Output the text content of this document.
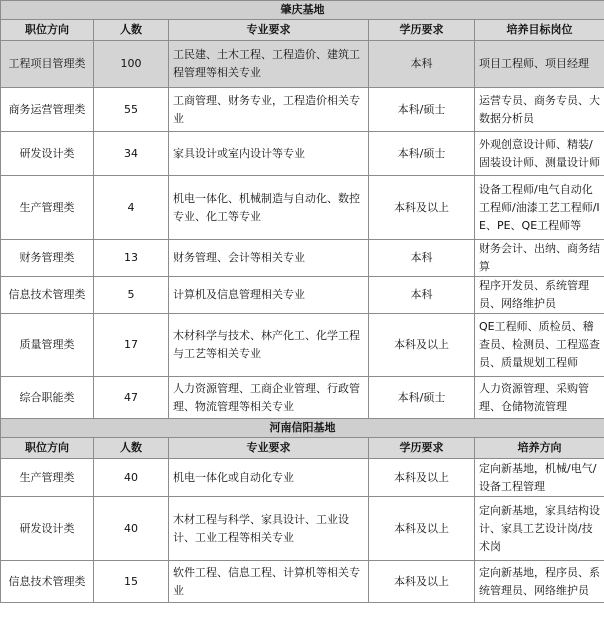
肇庆基地				
职位方向	人数	专业要求	学历要求	培养目标岗位
工程项目管理类	100	工民建、土木工程、工程造价、建筑工程管理等相关专业	本科	项目工程师、项目经理
商务运营管理类	55	工商管理、财务专业，工程造价相关专业	本科/硕士	运营专员、商务专员、大数据分析员
研发设计类	34	家具设计或室内设计等专业	本科/硕士	外观创意设计师、精装/固装设计师、测量设计师
生产管理类	4	机电一体化、机械制造与自动化、数控专业、化工等专业	本科及以上	设备工程师/电气自动化工程师/油漆工艺工程师/IE、PE、QE工程师等
财务管理类	13	财务管理、会计等相关专业	本科	财务会计、出纳、商务结算
信息技术管理类	5	计算机及信息管理相关专业	本科	程序开发员、系统管理员、网络维护员
质量管理类	17	木材科学与技术、林产化工、化学工程与工艺等相关专业	本科及以上	QE工程师、质检员、稽查员、检测员、工程巡查员、质量规划工程师
综合职能类	47	人力资源管理、工商企业管理、行政管理、物流管理等相关专业	本科/硕士	人力资源管理、采购管理、仓储物流管理
河南信阳基地				
职位方向	人数	专业要求	学历要求	培养方向
生产管理类	40	机电一体化或自动化专业	本科及以上	定向新基地，机械/电气/设备工程管理
研发设计类	40	木材工程与科学、家具设计、工业设计、工业工程等相关专业	本科及以上	定向新基地，家具结构设计、家具工艺设计岗/技术岗
信息技术管理类	15	软件工程、信息工程、计算机等相关专业	本科及以上	定向新基地，程序员、系统管理员、网络维护员
